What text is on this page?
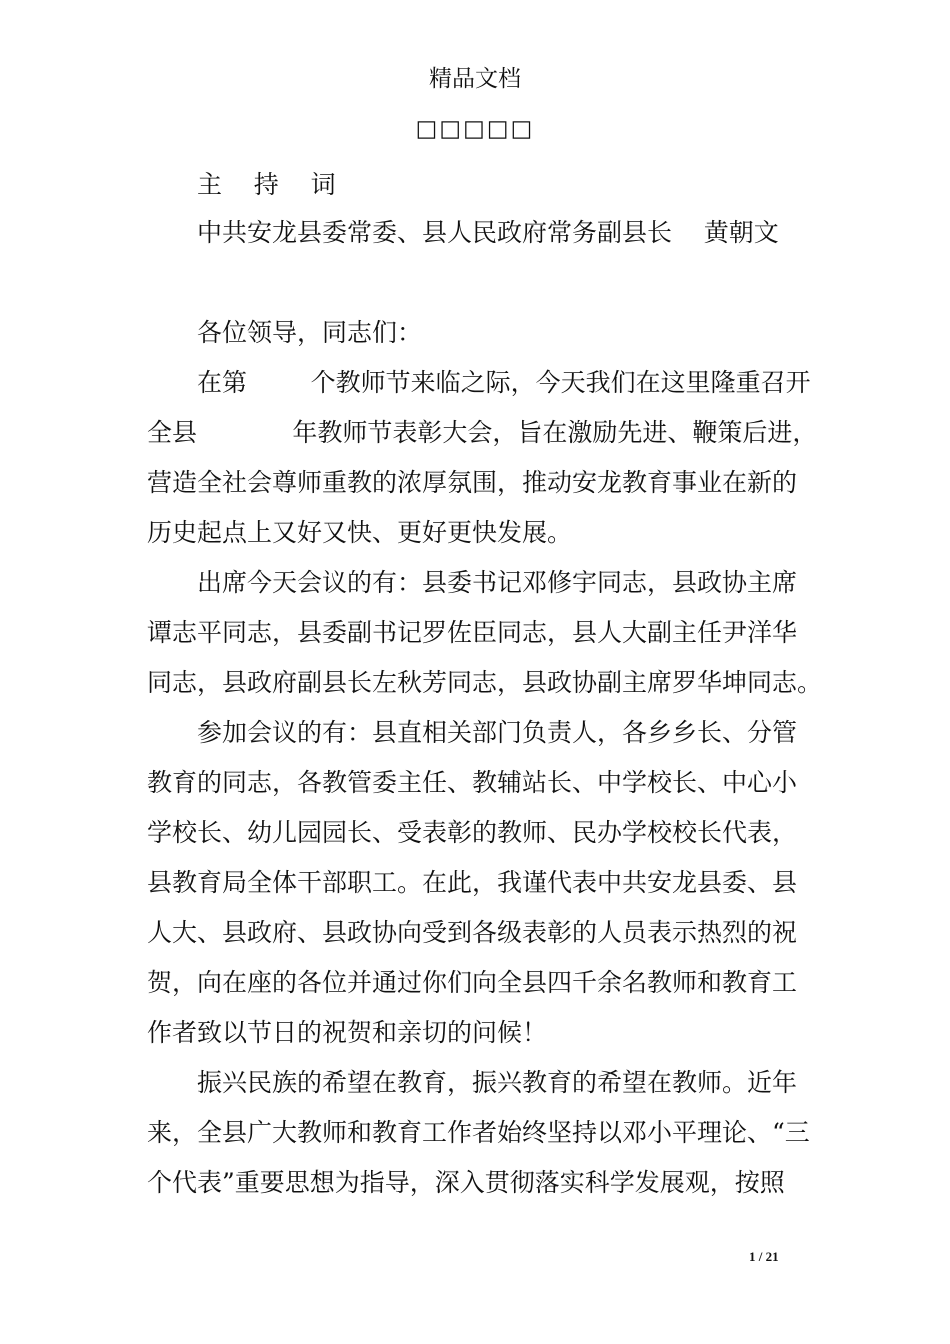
精品文档
□□□□□
主    持    词
中共安龙县委常委、县人民政府常务副县长    黄朝文
各位领导，同志们：
在第        个教师节来临之际，今天我们在这里隆重召开
全县            年教师节表彰大会，旨在激励先进、鞭策后进，
营造全社会尊师重教的浓厚氛围，推动安龙教育事业在新的
历史起点上又好又快、更好更快发展。
出席今天会议的有：县委书记邓修宇同志，县政协主席
谭志平同志，县委副书记罗佐臣同志，县人大副主任尹洋华
同志，县政府副县长左秋芳同志，县政协副主席罗华坤同志。
参加会议的有：县直相关部门负责人，各乡乡长、分管
教育的同志，各教管委主任、教辅站长、中学校长、中心小
学校长、幼儿园园长、受表彰的教师、民办学校校长代表，
县教育局全体干部职工。在此，我谨代表中共安龙县委、县
人大、县政府、县政协向受到各级表彰的人员表示热烈的祝
贺，向在座的各位并通过你们向全县四千余名教师和教育工
作者致以节日的祝贺和亲切的问候！
振兴民族的希望在教育，振兴教育的希望在教师。近年
来，全县广大教师和教育工作者始终坚持以邓小平理论、“三
个代表”重要思想为指导，深入贯彻落实科学发展观，按照
1 / 21
